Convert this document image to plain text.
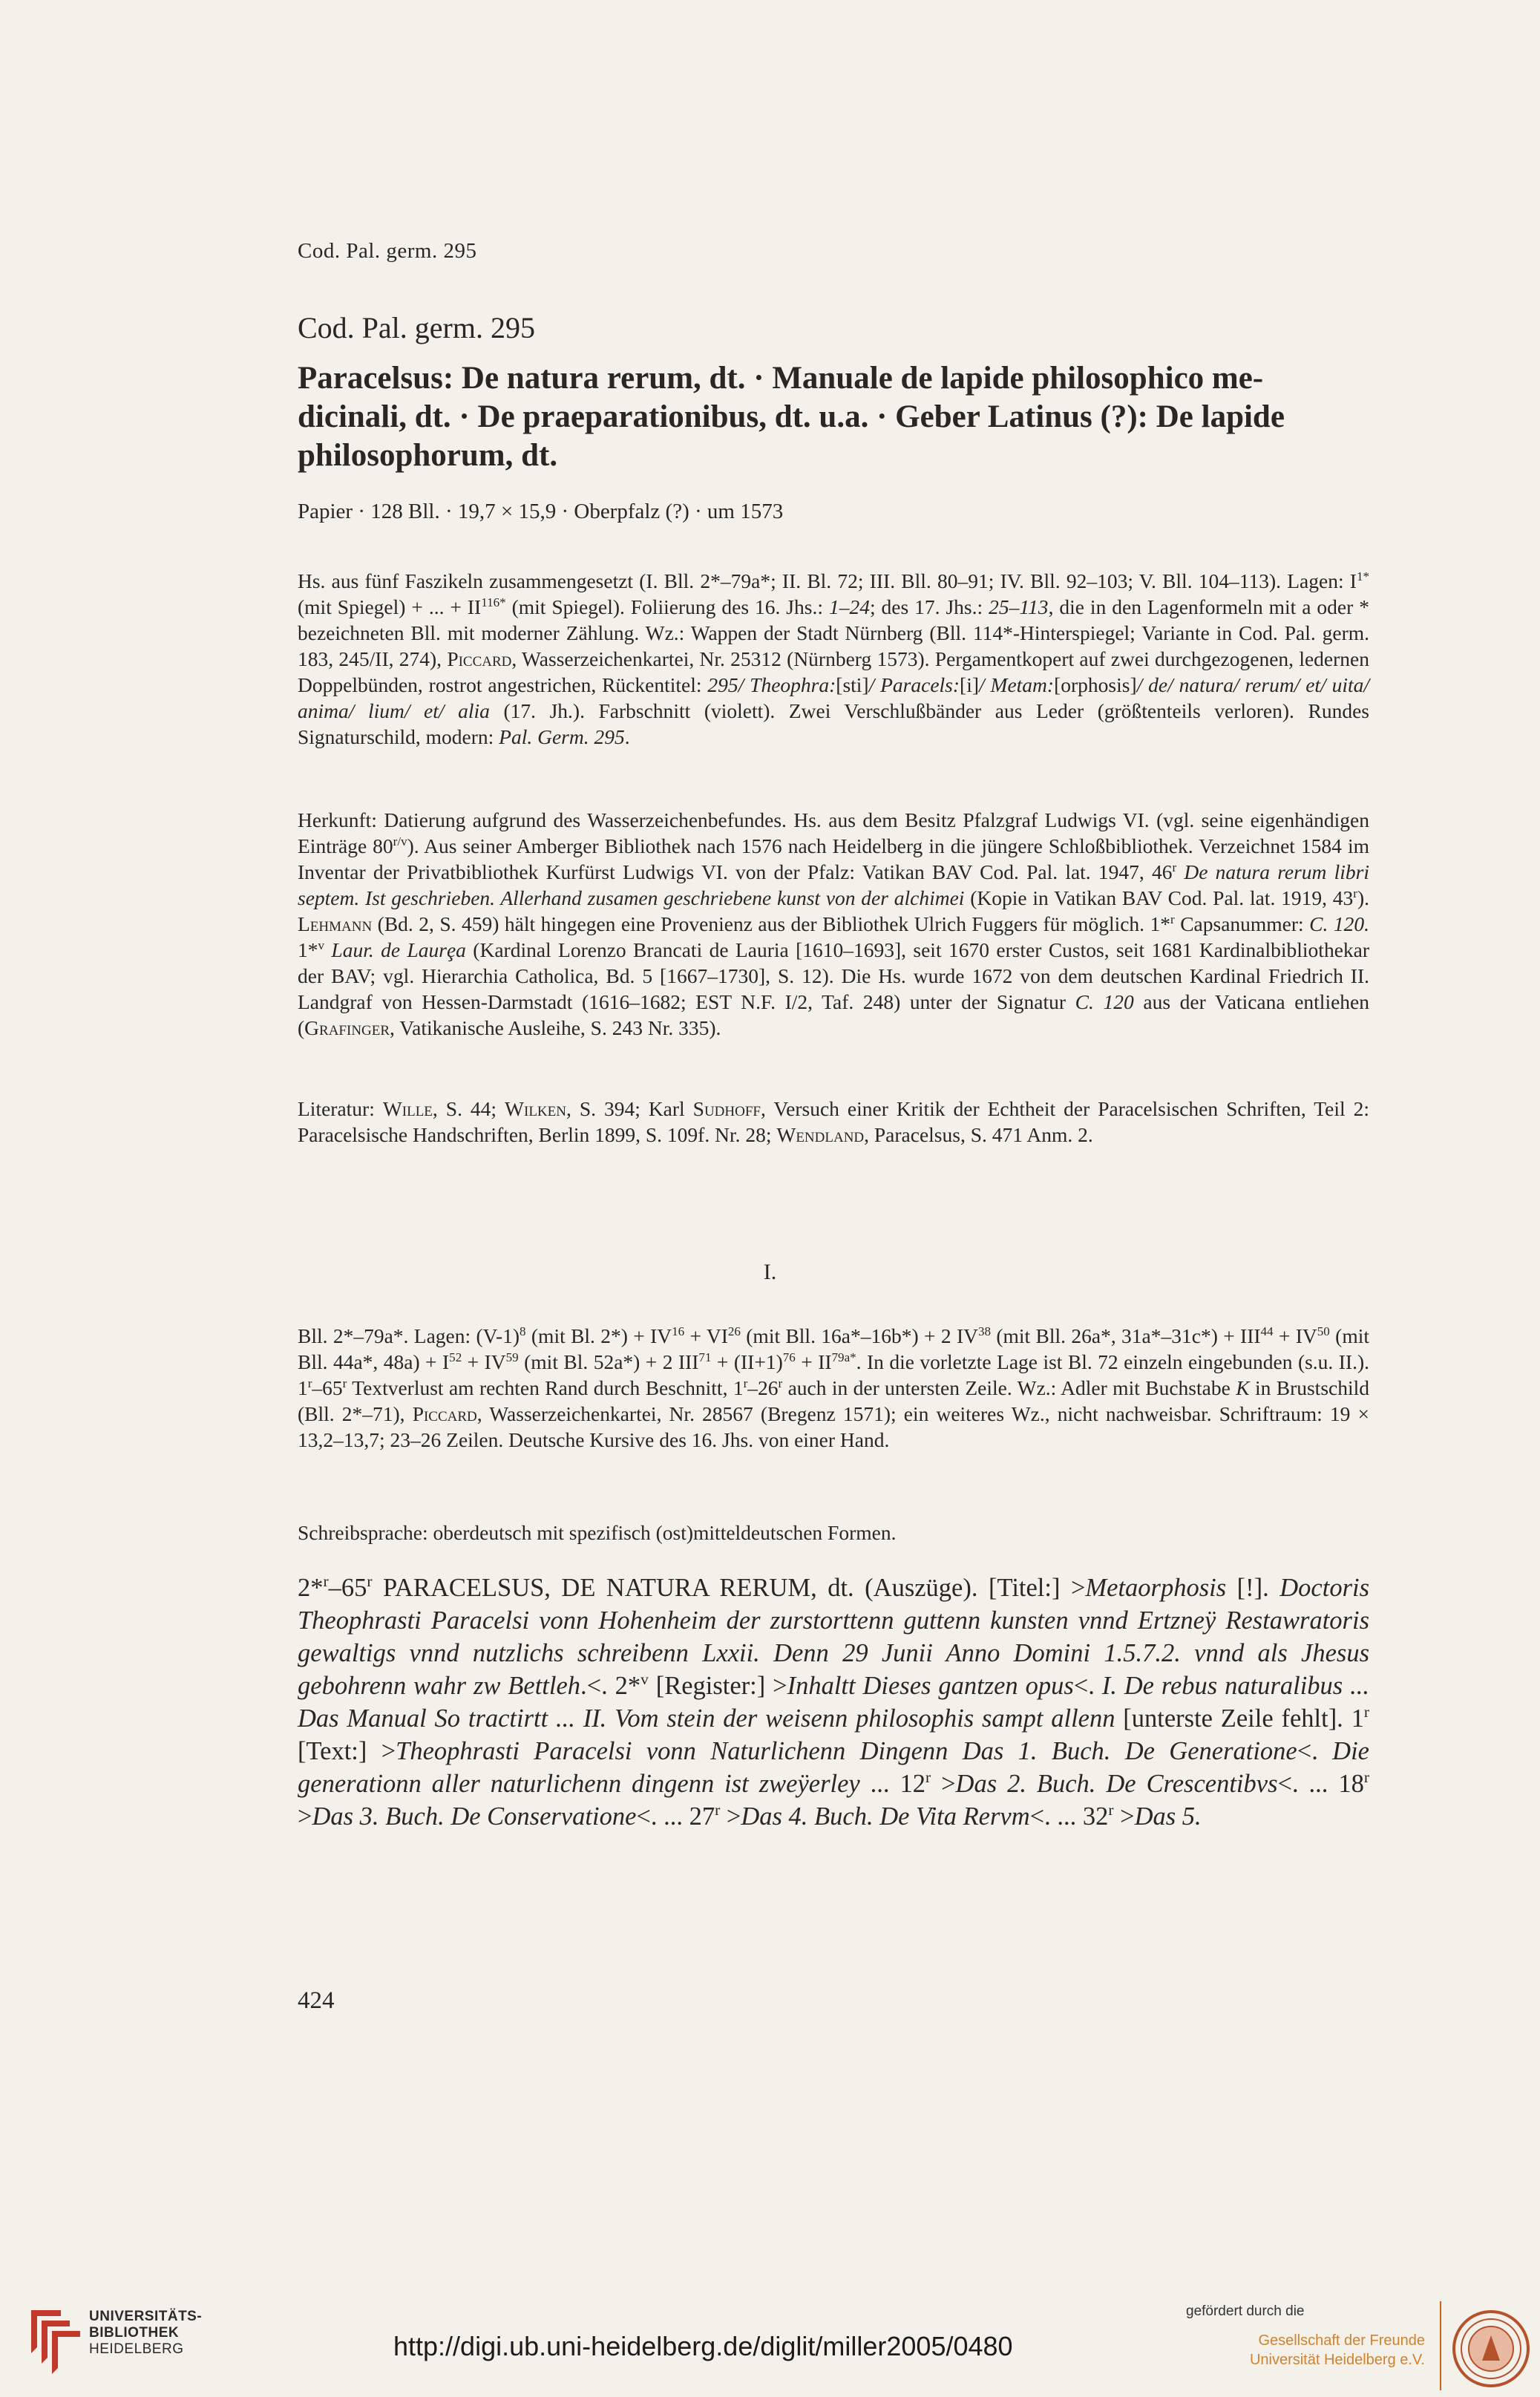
Cod. Pal. germ. 295
Cod. Pal. germ. 295
Paracelsus: De natura rerum, dt. · Manuale de lapide philosophico me-
dicinali, dt. · De praeparationibus, dt. u.a. · Geber Latinus (?): De lapide
philosophorum, dt.
Papier · 128 Bll. · 19,7 × 15,9 · Oberpfalz (?) · um 1573
Hs. aus fünf Faszikeln zusammengesetzt (I. Bll. 2*–79a*; II. Bl. 72; III. Bll. 80–91; IV. Bll. 92–103; V. Bll. 104–113). Lagen: $I^{1*}$ (mit Spiegel) + ... + $II^{116*}$ (mit Spiegel). Foliierung des 16. Jhs.: 1–24; des 17. Jhs.: 25–113, die in den Lagenformeln mit a oder * bezeichneten Bll. mit moderner Zählung. Wz.: Wappen der Stadt Nürnberg (Bll. 114*-Hinterspiegel; Variante in Cod. Pal. germ. 183, 245/II, 274), Piccard, Wasserzeichenkartei, Nr. 25312 (Nürnberg 1573). Pergamentkopert auf zwei durchgezogenen, ledernen Doppelbünden, rostrot angestrichen, Rückentitel: 295/ Theophra:[sti]/ Paracels:[i]/ Metam:[orphosis]/ de/ natura/ rerum/ et/ uita/ anima/ lium/ et/ alia (17. Jh.). Farbschnitt (violett). Zwei Verschlußbänder aus Leder (größtenteils verloren). Rundes Signaturschild, modern: Pal. Germ. 295.
Herkunft: Datierung aufgrund des Wasserzeichenbefundes. Hs. aus dem Besitz Pfalzgraf Ludwigs VI. (vgl. seine eigenhändigen Einträge $80^{r/v}$). Aus seiner Amberger Bibliothek nach 1576 nach Heidelberg in die jüngere Schloßbibliothek. Verzeichnet 1584 im Inventar der Privatbibliothek Kurfürst Ludwigs VI. von der Pfalz: Vatikan BAV Cod. Pal. lat. 1947, 46$^r$ De natura rerum libri septem. Ist geschrieben. Allerhand zusamen geschriebene kunst von der alchimei (Kopie in Vatikan BAV Cod. Pal. lat. 1919, 43$^r$). Lehmann (Bd. 2, S. 459) hält hingegen eine Provenienz aus der Bibliothek Ulrich Fuggers für möglich. 1*$^r$ Capsanummer: C. 120. 1*$^v$ Laur. de Laurȩa (Kardinal Lorenzo Brancati de Lauria [1610–1693], seit 1670 erster Custos, seit 1681 Kardinalbibliothekar der BAV; vgl. Hierarchia Catholica, Bd. 5 [1667–1730], S. 12). Die Hs. wurde 1672 von dem deutschen Kardinal Friedrich II. Landgraf von Hessen-Darmstadt (1616–1682; EST N.F. I/2, Taf. 248) unter der Signatur C. 120 aus der Vaticana entliehen (Grafinger, Vatikanische Ausleihe, S. 243 Nr. 335).
Literatur: Wille, S. 44; Wilken, S. 394; Karl Sudhoff, Versuch einer Kritik der Echtheit der Paracelsischen Schriften, Teil 2: Paracelsische Handschriften, Berlin 1899, S. 109f. Nr. 28; Wendland, Paracelsus, S. 471 Anm. 2.
I.
Bll. 2*–79a*. Lagen: $(V-1)^8$ (mit Bl. $2*) + IV^{16} + VI^{26}$ (mit Bll. 16a*–16b*) + 2 IV$^{38}$ (mit Bll. 26a*, $31a*-31c*) + III^{44} + IV^{50}$ (mit Bll. 44a*, $48a) + I^{52} + IV^{59}$ (mit Bl. 52a*) + 2 $III^{71} + (II+1)^{76} + II^{79a*}$. In die vorletzte Lage ist Bl. 72 einzeln eingebunden (s.u. II.). 1$^r$–65$^r$ Textverlust am rechten Rand durch Beschnitt, 1$^r$–26$^r$ auch in der untersten Zeile. Wz.: Adler mit Buchstabe K in Brustschild (Bll. 2*–71), Piccard, Wasserzeichenkartei, Nr. 28567 (Bregenz 1571); ein weiteres Wz., nicht nachweisbar. Schriftraum: 19 × 13,2–13,7; 23–26 Zeilen. Deutsche Kursive des 16. Jhs. von einer Hand.
Schreibsprache: oberdeutsch mit spezifisch (ost)mitteldeutschen Formen.
2*$^r$–65$^r$ PARACELSUS, DE NATURA RERUM, dt. (Auszüge). [Titel:] >Metaorphosis [!]. Doctoris Theophrasti Paracelsi vonn Hohenheim der zurstorttenn guttenn kunsten vnnd Ertzneӱ Restawratoris gewaltigs vnnd nutzlichs schreibenn Lxxii. Denn 29 Junii Anno Domini 1.5.7.2. vnnd als Jhesus gebohrenn wahr zw Bettleh.<. 2*$^v$ [Register:] >Inhaltt Dieses gantzen opus<. I. De rebus naturalibus ... Das Manual So tractirtt ... II. Vom stein der weisenn philosophis sampt allenn [unterste Zeile fehlt]. 1$^r$ [Text:] >Theophrasti Paracelsi vonn Naturlichenn Dingenn Das 1. Buch. De Generatione<. Die generationn aller naturlichenn dingenn ist zweӱerley ... $12^r >Das$ 2. Buch. De Crescentibvs<. ... $18^r >Das$ 3. Buch. De Conservatione<. ... $27^r >Das$ 4. Buch. De Vita Rervm<. ... $32^r >Das$ 5.
424
UNIVERSITÄTS-
BIBLIOTHEK
HEIDELBERG	http://digi.ub.uni-heidelberg.de/diglit/miller2005/0480
gefördert durch die
Gesellschaft der Freunde
Universität Heidelberg e.V.
